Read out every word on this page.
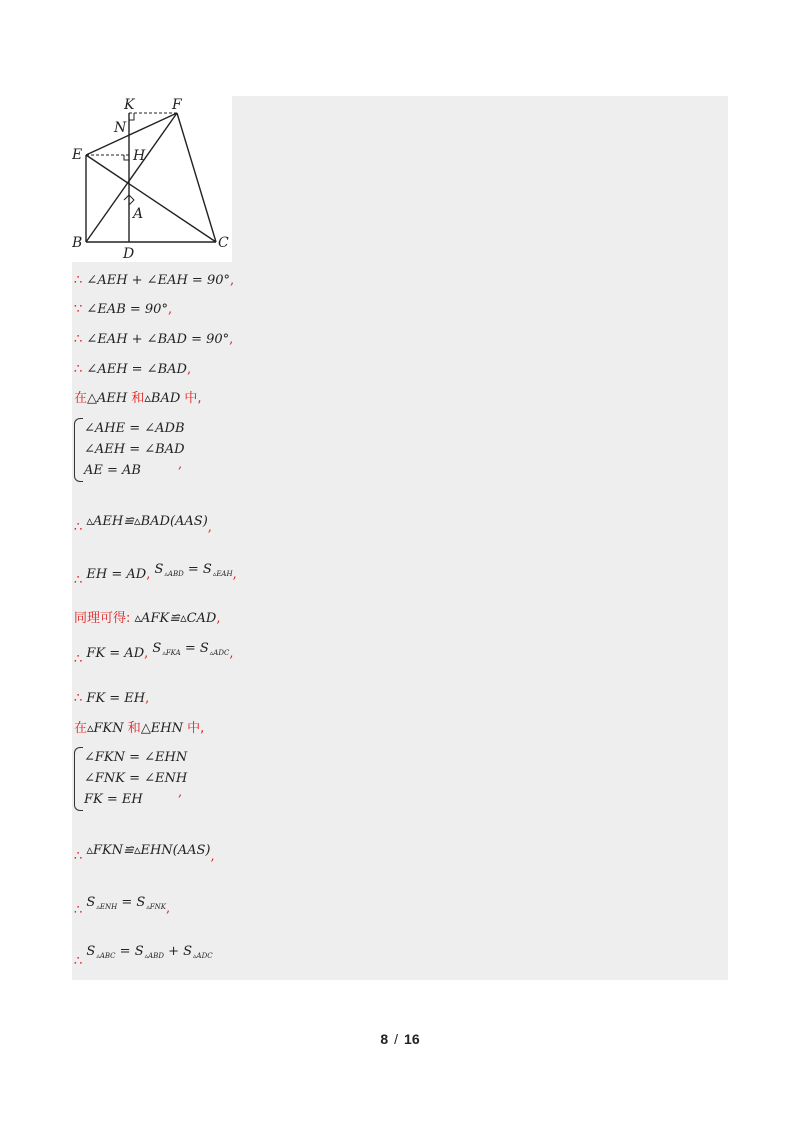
K	F
N
E	H
A
B
D
C
∴ ∠AEH + ∠EAH = 90°,
∵ ∠EAB = 90°,
∴ ∠EAH + ∠BAD = 90°,
∴ ∠AEH = ∠BAD,
在△AEH 和▵BAD 中,
∠AHE = ∠ADB
∠AEH = ∠BAD
AE = AB	,
∴ ▵AEH≌▵BAD(AAS),
∴ EH = AD, $S_{▵ABD} = S_{▵EAH}$,
同理可得: ▵AFK≌▵CAD,
∴ FK = AD, $S_{▵FKA} = S_{▵ADC}$,
∴ FK = EH,
在▵FKN 和△EHN 中,
∠FKN = ∠EHN
∠FNK = ∠ENH
FK = EH	,
∴ ▵FKN≌▵EHN(AAS),
∴ $S_{▵ENH} = S_{▵FNK}$,
∴ $S_{▵ABC} = S_{▵ABD} + S_{▵ADC}$
8 / 16
